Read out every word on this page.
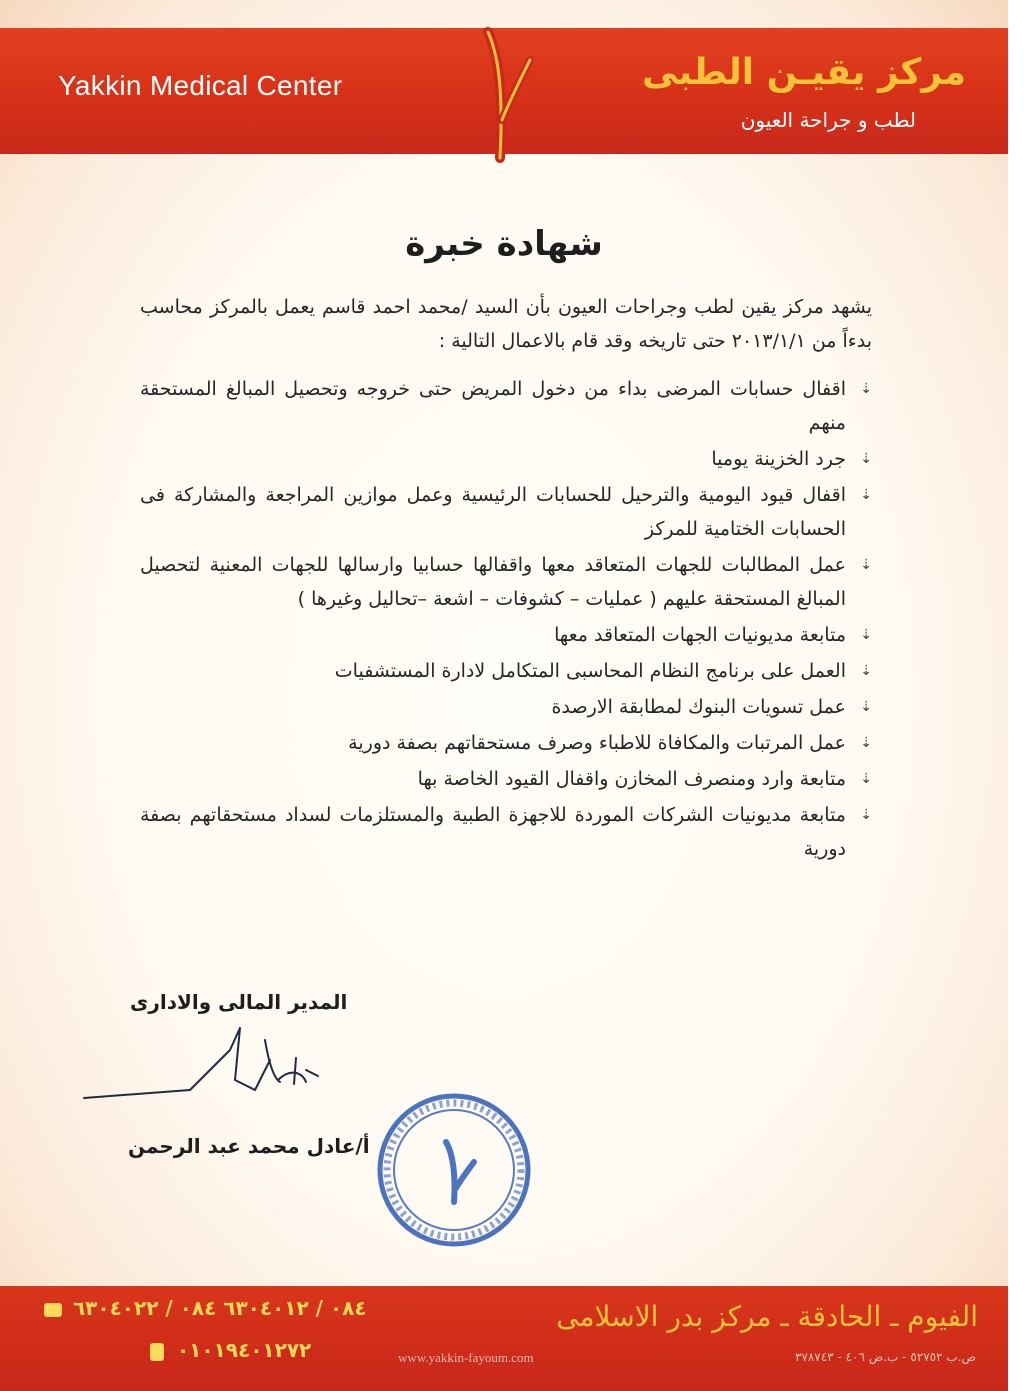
Yakkin Medical Center	مركز يقيـن الطبى
لطب و جراحة العيون
شهادة خبرة

يشهد مركز يقين لطب وجراحات العيون بأن السيد /محمد احمد قاسم يعمل بالمركز محاسب بدءاً من ٢٠١٣/١/١ حتى تاريخه وقد قام بالاعمال التالية :

⇣
اقفال حسابات المرضى بداء من دخول المريض حتى خروجه وتحصيل المبالغ المستحقة منهم
⇣
جرد الخزينة يوميا
⇣
اقفال قيود اليومية والترحيل للحسابات الرئيسية وعمل موازين المراجعة والمشاركة فى الحسابات الختامية للمركز
⇣
عمل المطالبات للجهات المتعاقد معها واقفالها حسابيا وارسالها للجهات المعنية لتحصيل المبالغ المستحقة عليهم ( عمليات – كشوفات – اشعة –تحاليل وغيرها )
⇣
متابعة مديونيات الجهات المتعاقد معها
⇣
العمل على برنامج النظام المحاسبى المتكامل لادارة المستشفيات
⇣
عمل تسويات البنوك لمطابقة الارصدة
⇣
عمل المرتبات والمكافاة للاطباء وصرف مستحقاتهم بصفة دورية
⇣
متابعة وارد ومنصرف المخازن واقفال القيود الخاصة بها
⇣
متابعة مديونيات الشركات الموردة للاجهزة الطبية والمستلزمات لسداد مستحقاتهم بصفة دورية
المدير المالى والادارى
أ/عادل محمد عبد الرحمن
٠٨٤ / ٦٣٠٤٠١٢ ٠٨٤ / ٦٣٠٤٠٢٢
٠١٠١٩٤٠١٢٧٢	www.yakkin-fayoum.com
الفيوم ـ الحادقة ـ مركز بدر الاسلامى
ص.ب ٥٢٧٥٢ - ب.ض ٤٠٦ - ٣٧٨٧٤٣
